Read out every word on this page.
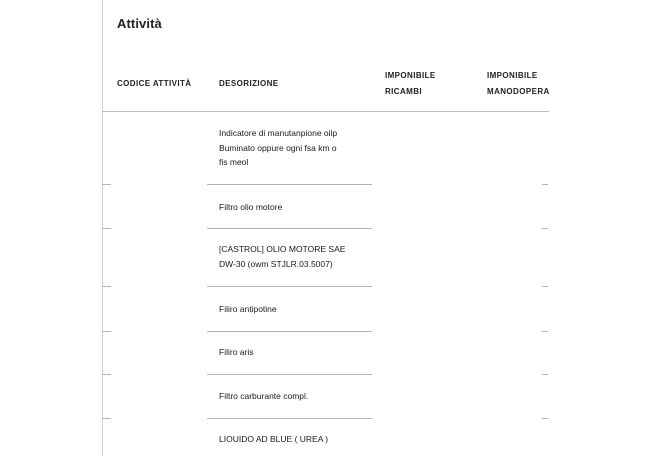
Attività
CODICE ATTIVITÀ	DESORIZIONE
IMPONIBILE
RICAMBI
IMPONIBILE
MANODOPERA
Indicatore di manutanpione oilp
Buminato oppure ogni fsa km o
fis meol
Filtro olio motore
[CASTROL] OLIO MOTORE SAE
DW-30 (owm STJLR.03.5007)
Filiro antipotine
Filiro aris
Filtro carburante compl.
LIOUIDO AD BLUE ( UREA )
